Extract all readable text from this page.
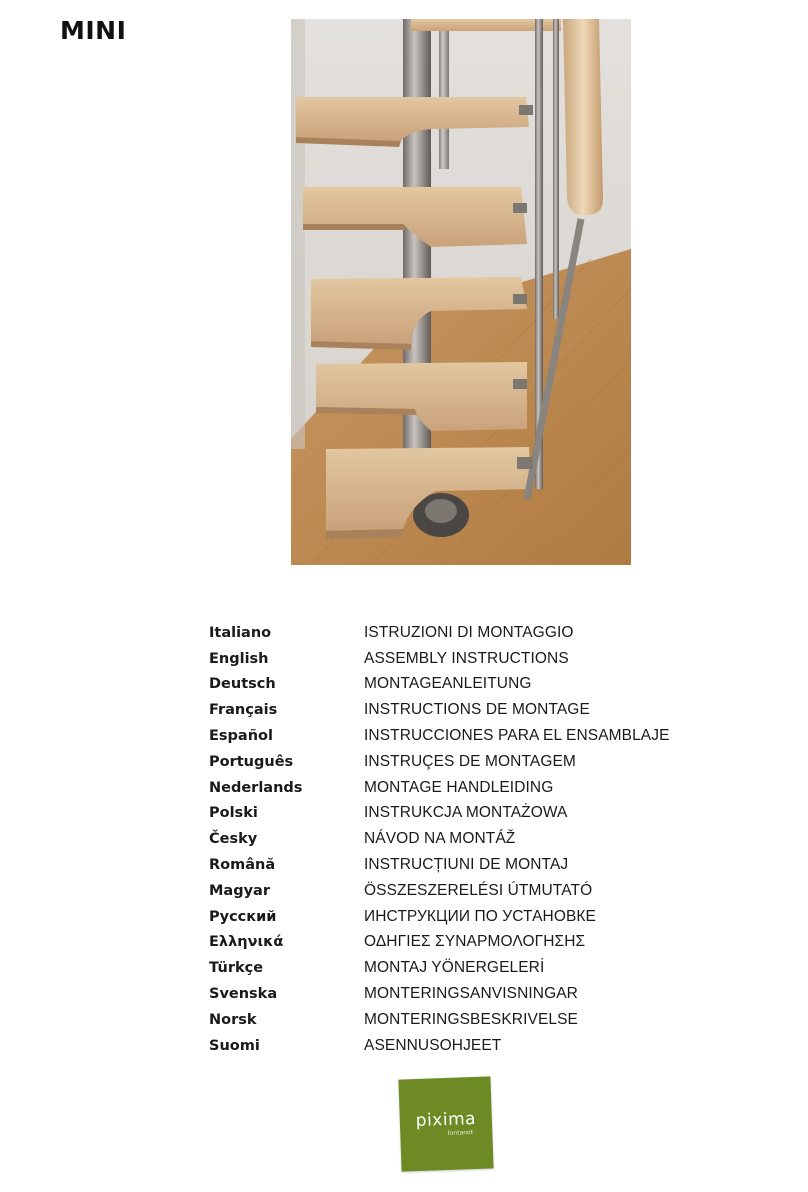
MINI
Italiano	ISTRUZIONI DI MONTAGGIO
English	ASSEMBLY INSTRUCTIONS
Deutsch	MONTAGEANLEITUNG
Français	INSTRUCTIONS DE MONTAGE
Español	INSTRUCCIONES PARA EL ENSAMBLAJE
Português	INSTRUÇES DE MONTAGEM
Nederlands	MONTAGE HANDLEIDING
Polski	INSTRUKCJA MONTAŻOWA
Česky	NÁVOD NA MONTÁŽ
Română	INSTRUCȚIUNI DE MONTAJ
Magyar	ÖSSZESZERELÉSI ÚTMUTATÓ
Русский	ИНСТРУКЦИИ ПО УСТАНОВКЕ
Ελληνικά	ΟΔΗΓΙΕΣ ΣΥΝΑΡΜΟΛΟΓΗΣΗΣ
Türkçe	MONTAJ YÖNERGELERİ
Svenska	MONTERINGSANVISNINGAR
Norsk	MONTERINGSBESKRIVELSE
Suomi	ASENNUSOHJEET
pixima
fontanot
